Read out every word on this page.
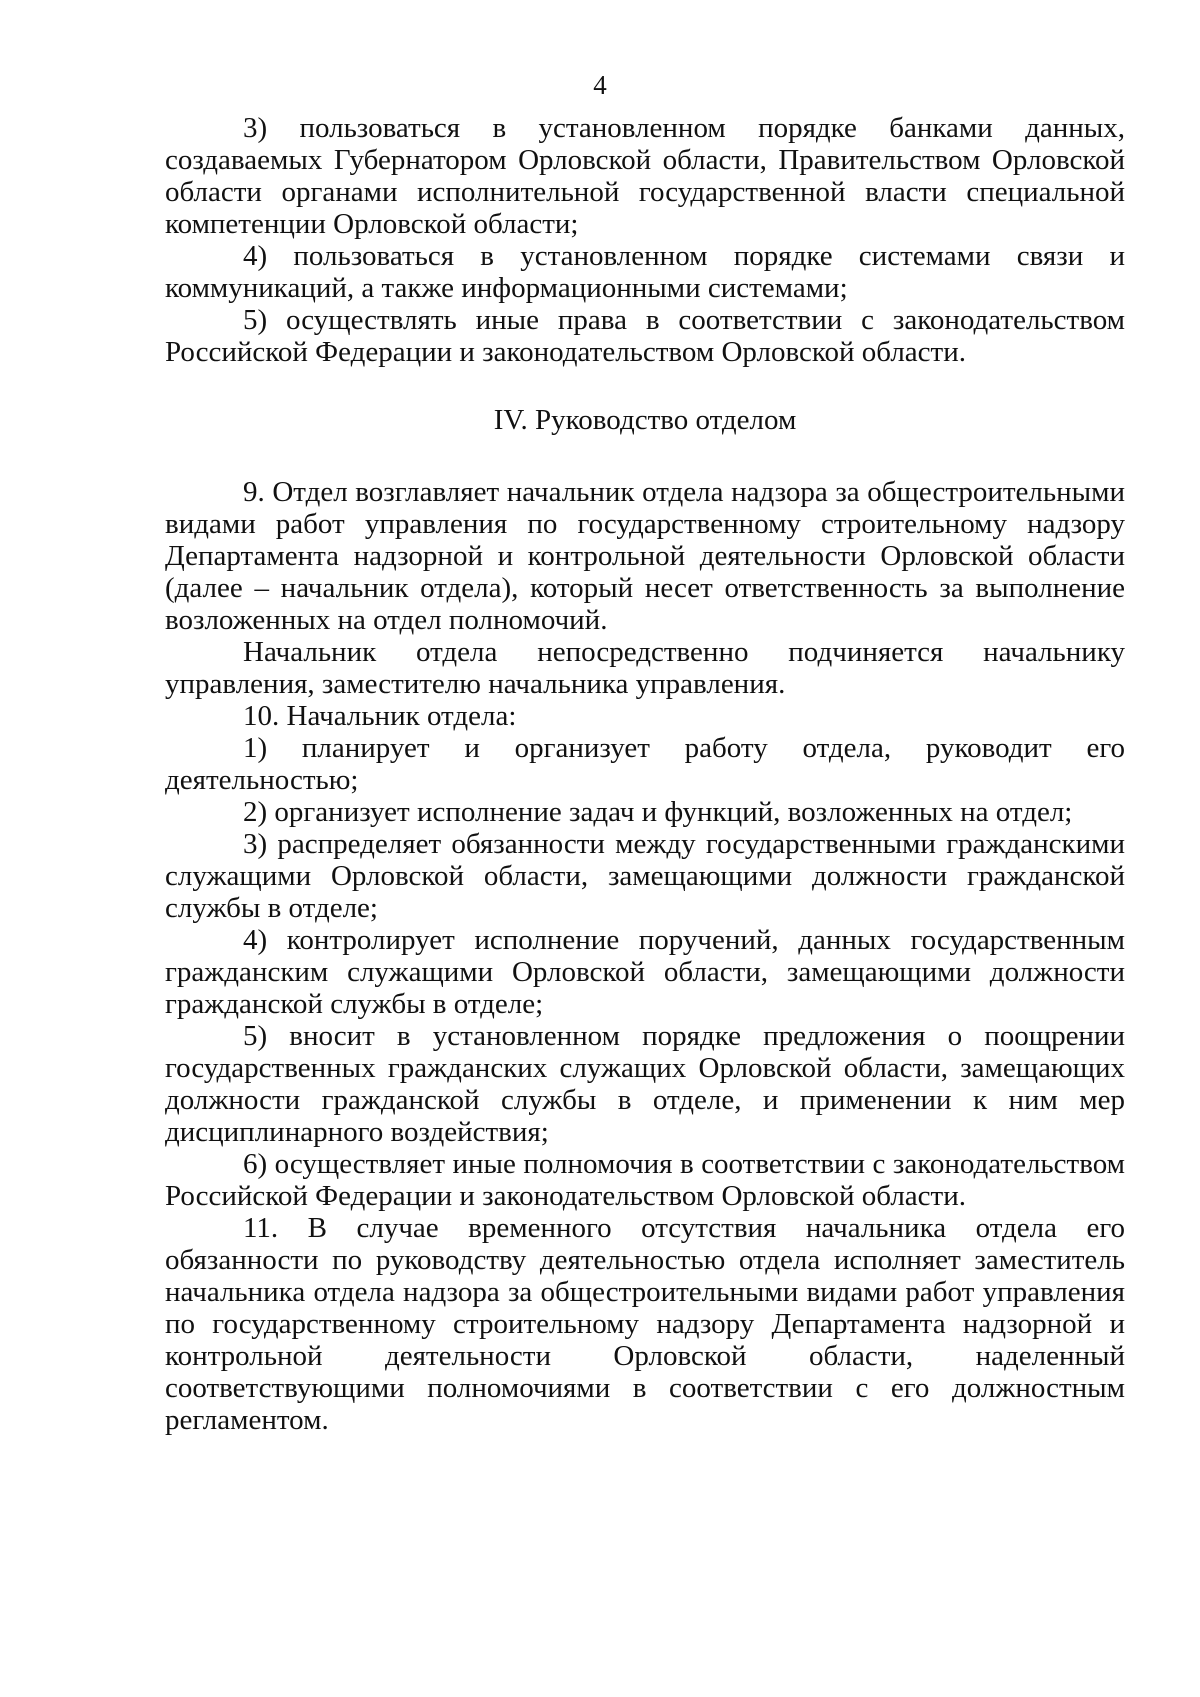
4

3) пользоваться в установленном порядке банками данных, создаваемых Губернатором Орловской области, Правительством Орловской области органами исполнительной государственной власти специальной компетенции Орловской области;

4) пользоваться в установленном порядке системами связи и коммуникаций, а также информационными системами;

5) осуществлять иные права в соответствии с законодательством Российской Федерации и законодательством Орловской области.

IV. Руководство отделом

9. Отдел возглавляет начальник отдела надзора за общестроительными видами работ управления по государственному строительному надзору Департамента надзорной и контрольной деятельности Орловской области (далее – начальник отдела), который несет ответственность за выполнение возложенных на отдел полномочий.

Начальник отдела непосредственно подчиняется начальнику управления, заместителю начальника управления.

10. Начальник отдела:

1) планирует и организует работу отдела, руководит его деятельностью;

2) организует исполнение задач и функций, возложенных на отдел;

3) распределяет обязанности между государственными гражданскими служащими Орловской области, замещающими должности гражданской службы в отделе;

4) контролирует исполнение поручений, данных государственным гражданским служащими Орловской области, замещающими должности гражданской службы в отделе;

5) вносит в установленном порядке предложения о поощрении государственных гражданских служащих Орловской области, замещающих должности гражданской службы в отделе, и применении к ним мер дисциплинарного воздействия;

6) осуществляет иные полномочия в соответствии с законодательством Российской Федерации и законодательством Орловской области.

11. В случае временного отсутствия начальника отдела его обязанности по руководству деятельностью отдела исполняет заместитель начальника отдела надзора за общестроительными видами работ управления по государственному строительному надзору Департамента надзорной и контрольной деятельности Орловской области, наделенный соответствующими полномочиями в соответствии с его должностным регламентом.
